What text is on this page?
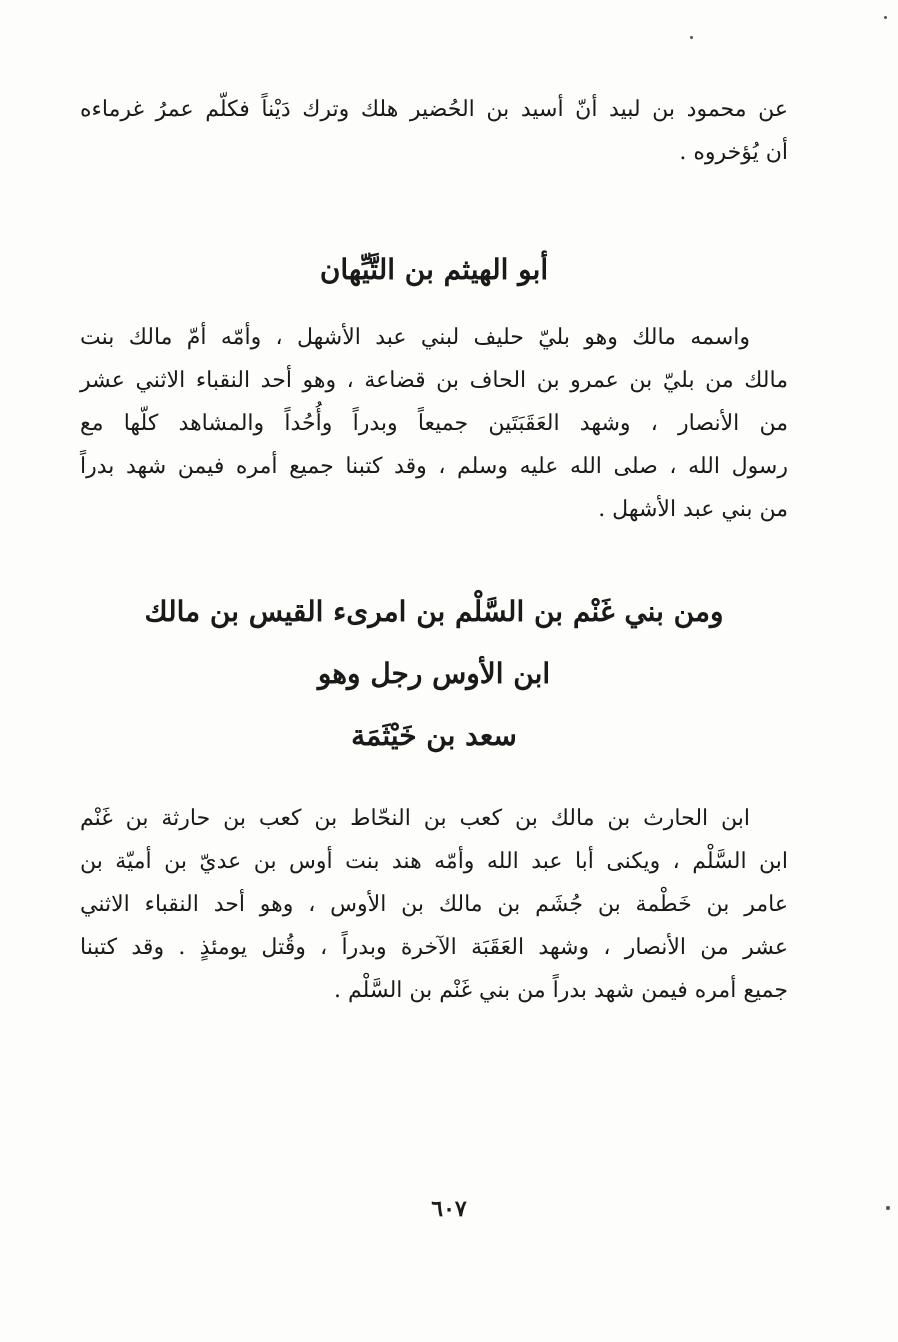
عن محمود بن لبيد أنّ أسيد بن الحُضير هلك وترك دَيْناً فكلّم عمرُ غرماءه
أن يُؤخروه .

أبو الهيثم بن التَّيِّهان

واسمه مالك وهو بليّ حليف لبني عبد الأشهل ، وأمّه أمّ مالك بنت
مالك من بليّ بن عمرو بن الحاف بن قضاعة ، وهو أحد النقباء الاثني عشر
من الأنصار ، وشهد العَقَبَتَين جميعاً وبدراً وأُحُداً والمشاهد كلّها مع
رسول الله ، صلى الله عليه وسلم ، وقد كتبنا جميع أمره فيمن شهد بدراً
من بني عبد الأشهل .

ومن بني غَنْم بن السَّلْم بن امرىء القيس بن مالك
ابن الأوس رجل وهو
سعد بن خَيْثَمَة

ابن الحارث بن مالك بن كعب بن النحّاط بن كعب بن حارثة بن غَنْم
ابن السَّلْم ، ويكنى أبا عبد الله وأمّه هند بنت أوس بن عديّ بن أميّة بن
عامر بن خَطْمة بن جُشَم بن مالك بن الأوس ، وهو أحد النقباء الاثني
عشر من الأنصار ، وشهد العَقَبَة الآخرة وبدراً ، وقُتل يومئذٍ . وقد كتبنا
جميع أمره فيمن شهد بدراً من بني غَنْم بن السَّلْم .

٦٠٧
